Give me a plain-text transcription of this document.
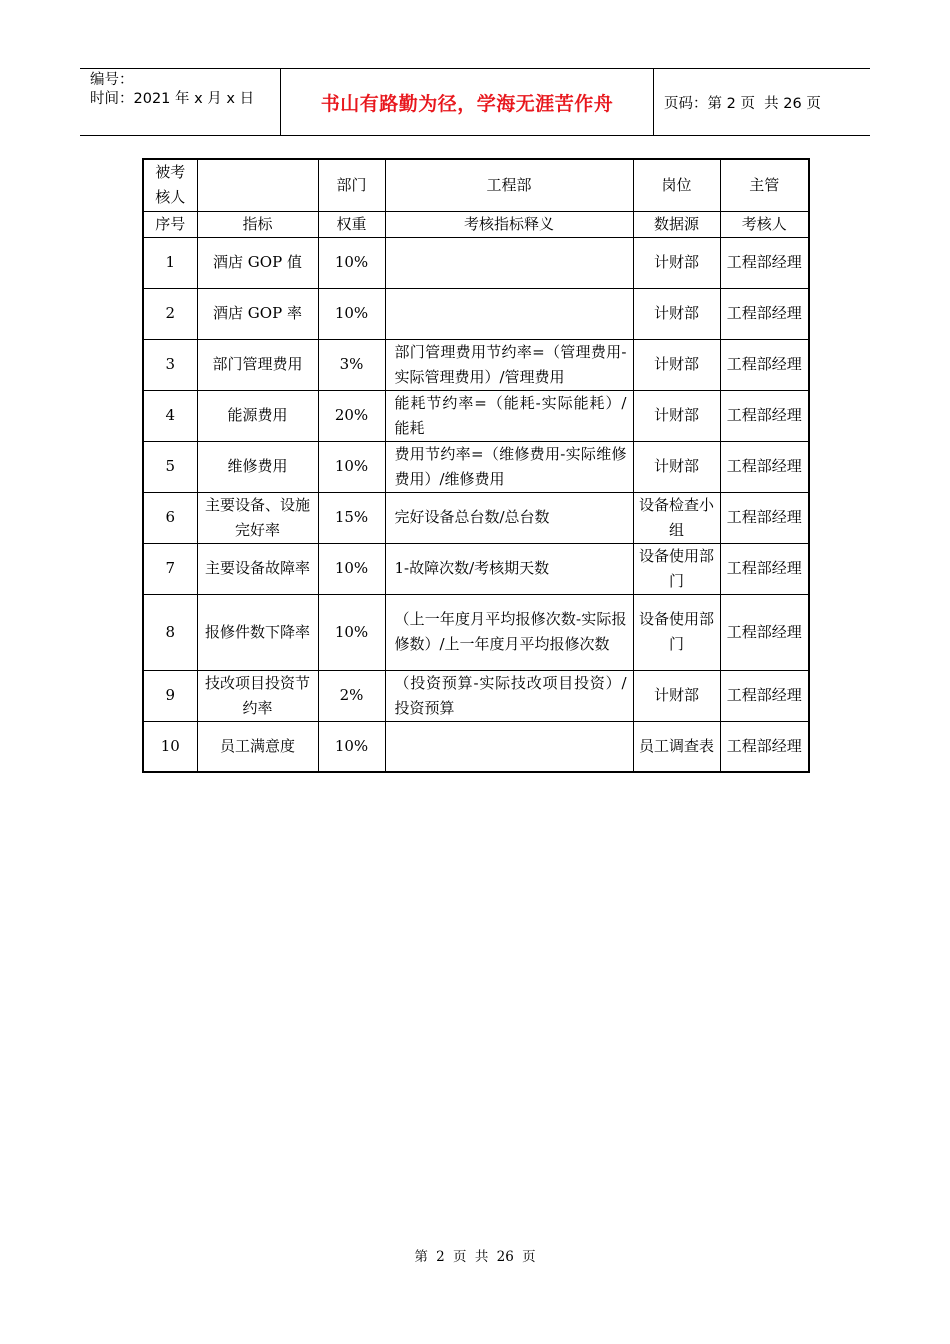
编号：
时间：2021 年 x 月 x 日	书山有路勤为径，学海无涯苦作舟	页码：第 2 页  共 26 页
被考核人		部门	工程部	岗位	主管
序号	指标	权重	考核指标释义	数据源	考核人
1	酒店 GOP 值	10%		计财部	工程部经理
2	酒店 GOP 率	10%		计财部	工程部经理
3	部门管理费用	3%	部门管理费用节约率=（管理费用-实际管理费用）/管理费用	计财部	工程部经理
4	能源费用	20%	能耗节约率=（能耗-实际能耗）/能耗	计财部	工程部经理
5	维修费用	10%	费用节约率=（维修费用-实际维修费用）/维修费用	计财部	工程部经理
6	主要设备、设施完好率	15%	完好设备总台数/总台数	设备检查小组	工程部经理
7	主要设备故障率	10%	1-故障次数/考核期天数	设备使用部门	工程部经理
8	报修件数下降率	10%	（上一年度月平均报修次数-实际报修数）/上一年度月平均报修次数	设备使用部门	工程部经理
9	技改项目投资节约率	2%	（投资预算-实际技改项目投资）/投资预算	计财部	工程部经理
10	员工满意度	10%		员工调查表	工程部经理
第 2 页 共 26 页
